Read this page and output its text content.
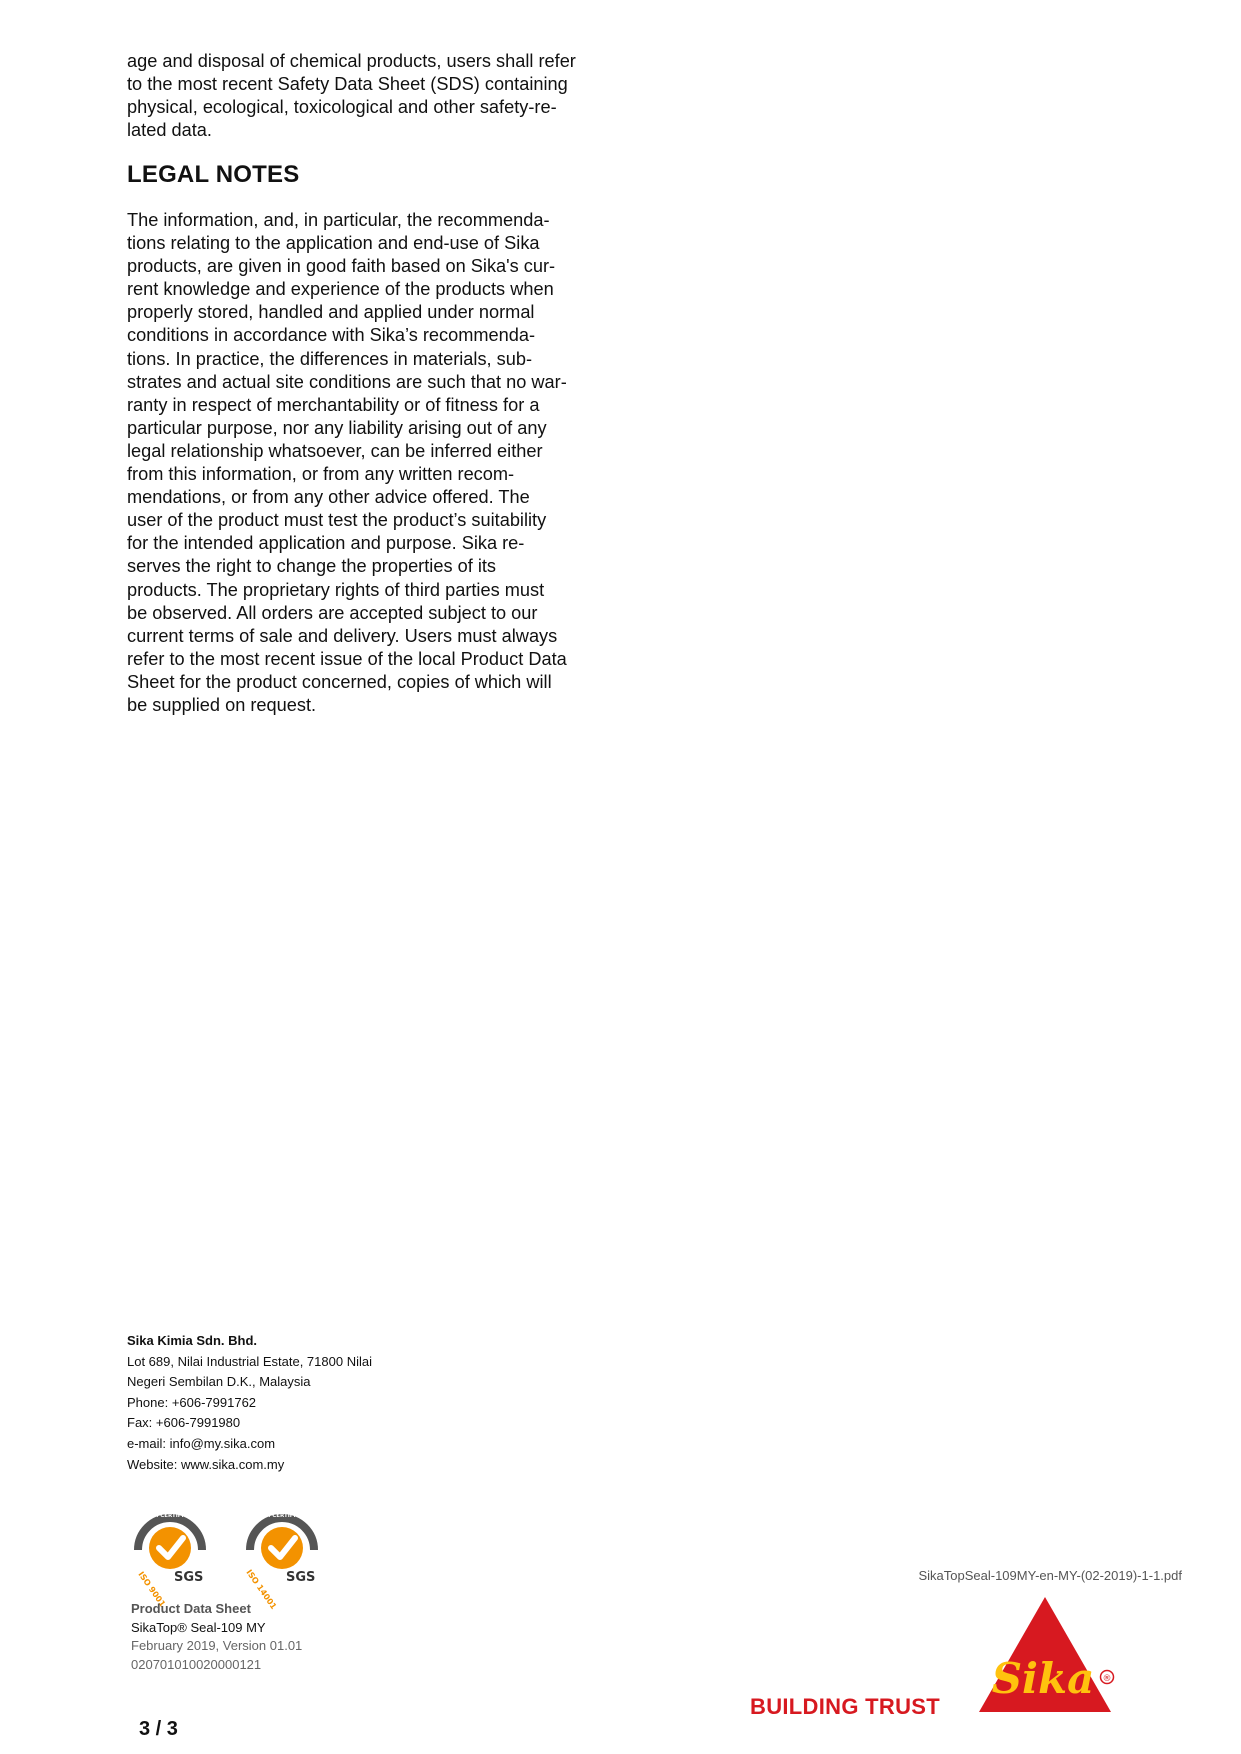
age and disposal of chemical products, users shall refer

to the most recent Safety Data Sheet (SDS) containing

physical, ecological, toxicological and other safety-re-

lated data.

LEGAL NOTES

The information, and, in particular, the recommenda-

tions relating to the application and end-use of Sika

products, are given in good faith based on Sika's cur-

rent knowledge and experience of the products when

properly stored, handled and applied under normal

conditions in accordance with Sika’s recommenda-

tions. In practice, the differences in materials, sub-

strates and actual site conditions are such that no war-

ranty in respect of merchantability or of fitness for a

particular purpose, nor any liability arising out of any

legal relationship whatsoever, can be inferred either

from this information, or from any written recom-

mendations, or from any other advice offered. The

user of the product must test the product’s suitability

for the intended application and purpose. Sika re-

serves the right to change the properties of its

products. The proprietary rights of third parties must

be observed. All orders are accepted subject to our

current terms of sale and delivery. Users must always

refer to the most recent issue of the local Product Data

Sheet for the product concerned, copies of which will

be supplied on request.

Sika Kimia Sdn. Bhd.
Lot 689, Nilai Industrial Estate, 71800 Nilai
Negeri Sembilan D.K., Malaysia
Phone: +606-7991762
Fax: +606-7991980
e-mail: info@my.sika.com
Website: www.sika.com.my
SYSTEM CERTIFICATION
ISO 9001 SGS
SYSTEM CERTIFICATION
ISO 14001 SGS
Product Data Sheet
SikaTop® Seal-109 MY
February 2019, Version 01.01
020701010020000121
3 / 3
SikaTopSeal-109MY-en-MY-(02-2019)-1-1.pdf
BUILDING TRUST
Sika ®
